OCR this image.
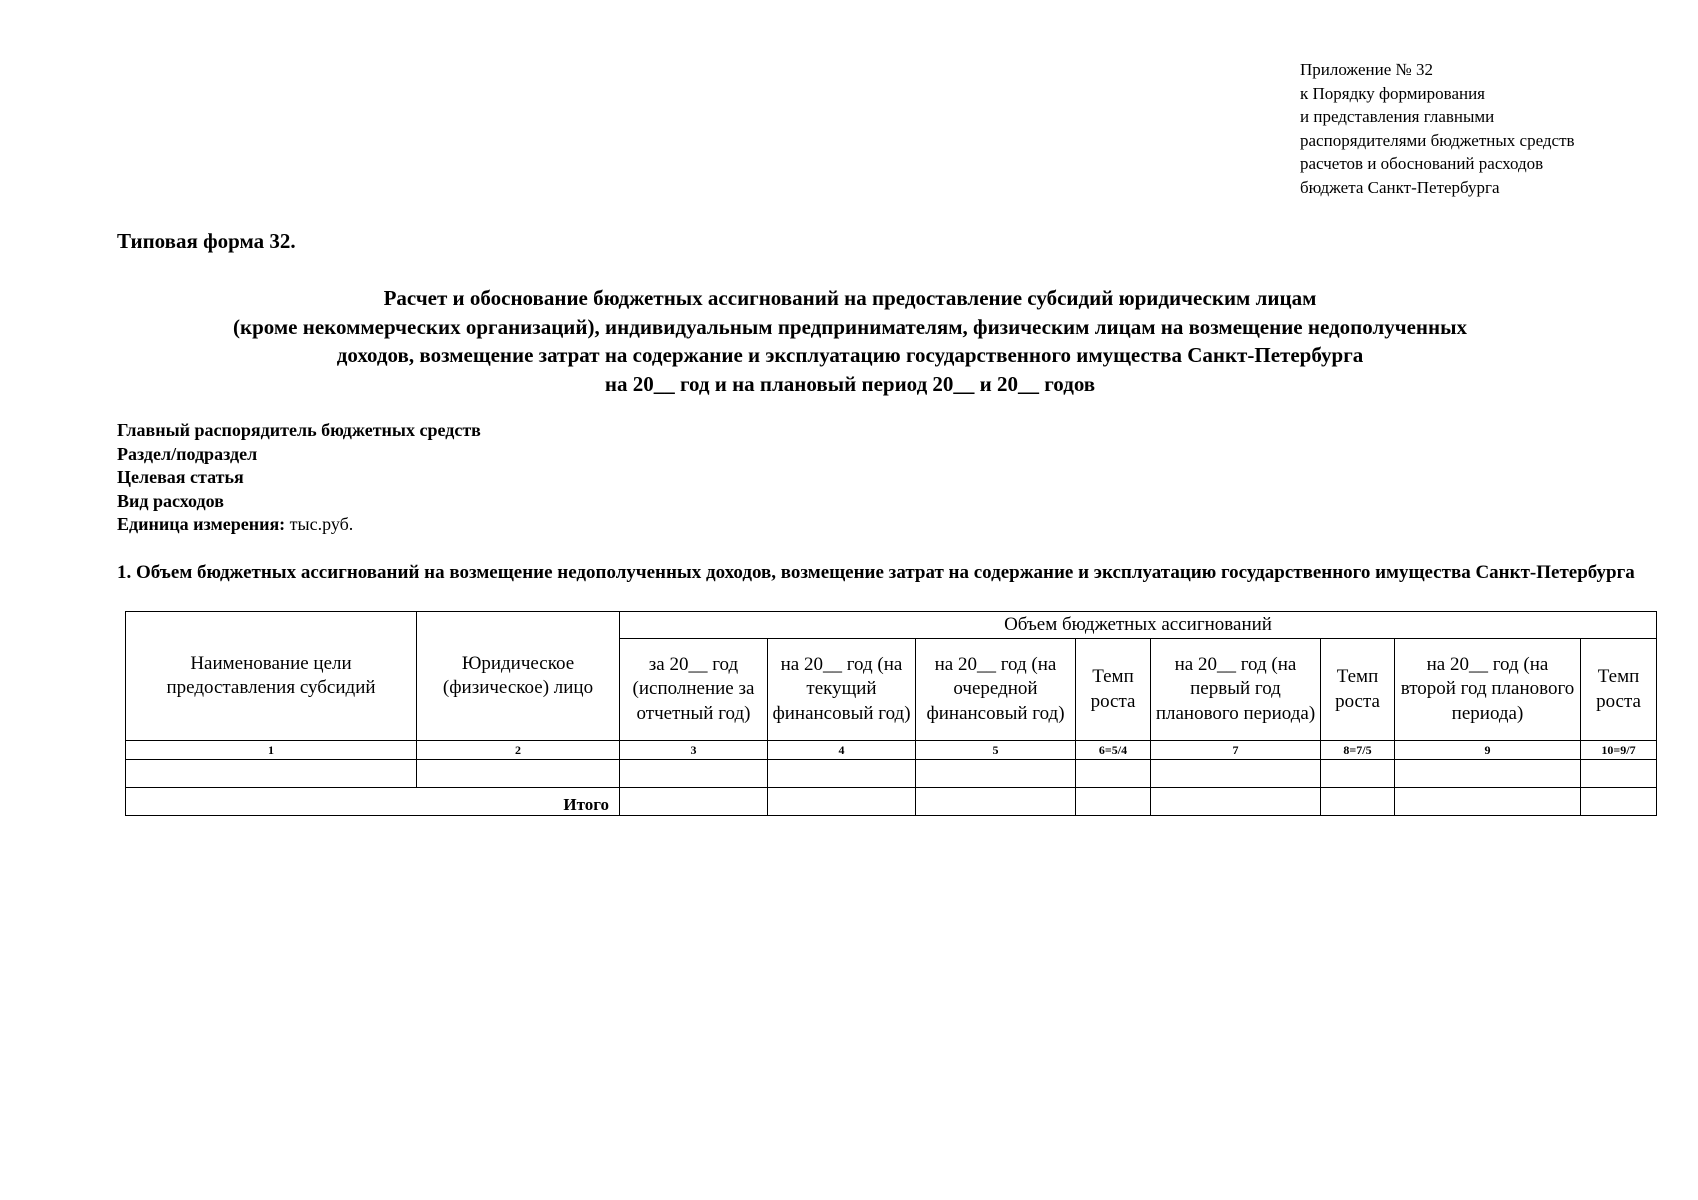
Приложение № 32
к Порядку формирования
и представления главными
распорядителями бюджетных средств
расчетов и обоснований расходов
бюджета Санкт-Петербурга
Типовая форма 32.
Расчет и обоснование бюджетных ассигнований на предоставление субсидий юридическим лицам
(кроме некоммерческих организаций), индивидуальным предпринимателям, физическим лицам на возмещение недополученных
доходов, возмещение затрат на содержание и эксплуатацию государственного имущества Санкт-Петербурга
на 20__ год и на плановый период 20__ и 20__ годов
Главный распорядитель бюджетных средств
Раздел/подраздел
Целевая статья
Вид расходов
Единица измерения: тыс.руб.
1. Объем бюджетных ассигнований на возмещение недополученных доходов, возмещение затрат на содержание и эксплуатацию государственного имущества Санкт-Петербурга
Наименование цели предоставления субсидий	Юридическое (физическое) лицо	Объем бюджетных ассигнований							
		за 20__ год (исполнение за отчетный год)	на 20__ год (на текущий финансовый год)	на 20__ год (на очередной финансовый год)	Темп роста	на 20__ год (на первый год планового периода)	Темп роста	на 20__ год (на второй год планового периода)	Темп роста
1	2	3	4	5	6=5/4	7	8=7/5	9	10=9/7

Итого									
